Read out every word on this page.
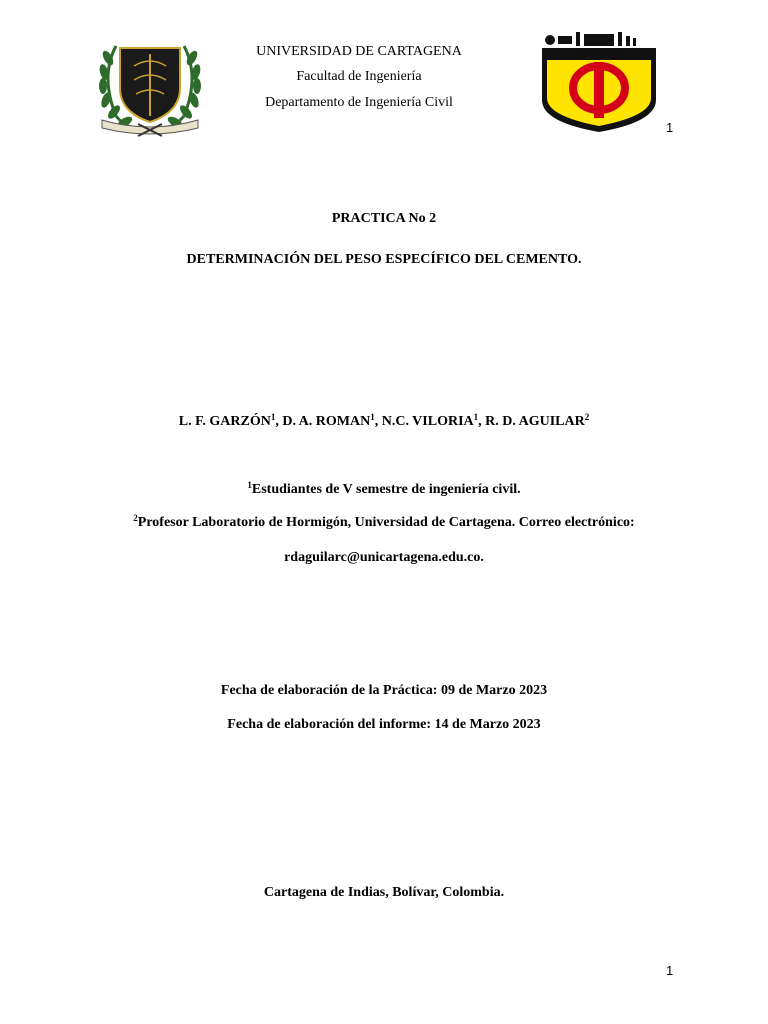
UNIVERSIDAD DE CARTAGENA
Facultad de Ingeniería
Departamento de Ingeniería Civil
INGENIERIA CIVIL
1
PRACTICA No 2
DETERMINACIÓN DEL PESO ESPECÍFICO DEL CEMENTO.
L. F. GARZÓN$^1$, D. A. ROMAN$^1$, N.C. VILORIA$^1$, R. D. AGUILAR$^2$
$^1$Estudiantes de V semestre de ingeniería civil.
$^2$Profesor Laboratorio de Hormigón, Universidad de Cartagena. Correo electrónico:
rdaguilarc@unicartagena.edu.co.
Fecha de elaboración de la Práctica: 09 de Marzo 2023
Fecha de elaboración del informe: 14 de Marzo 2023
Cartagena de Indias, Bolívar, Colombia.
1
